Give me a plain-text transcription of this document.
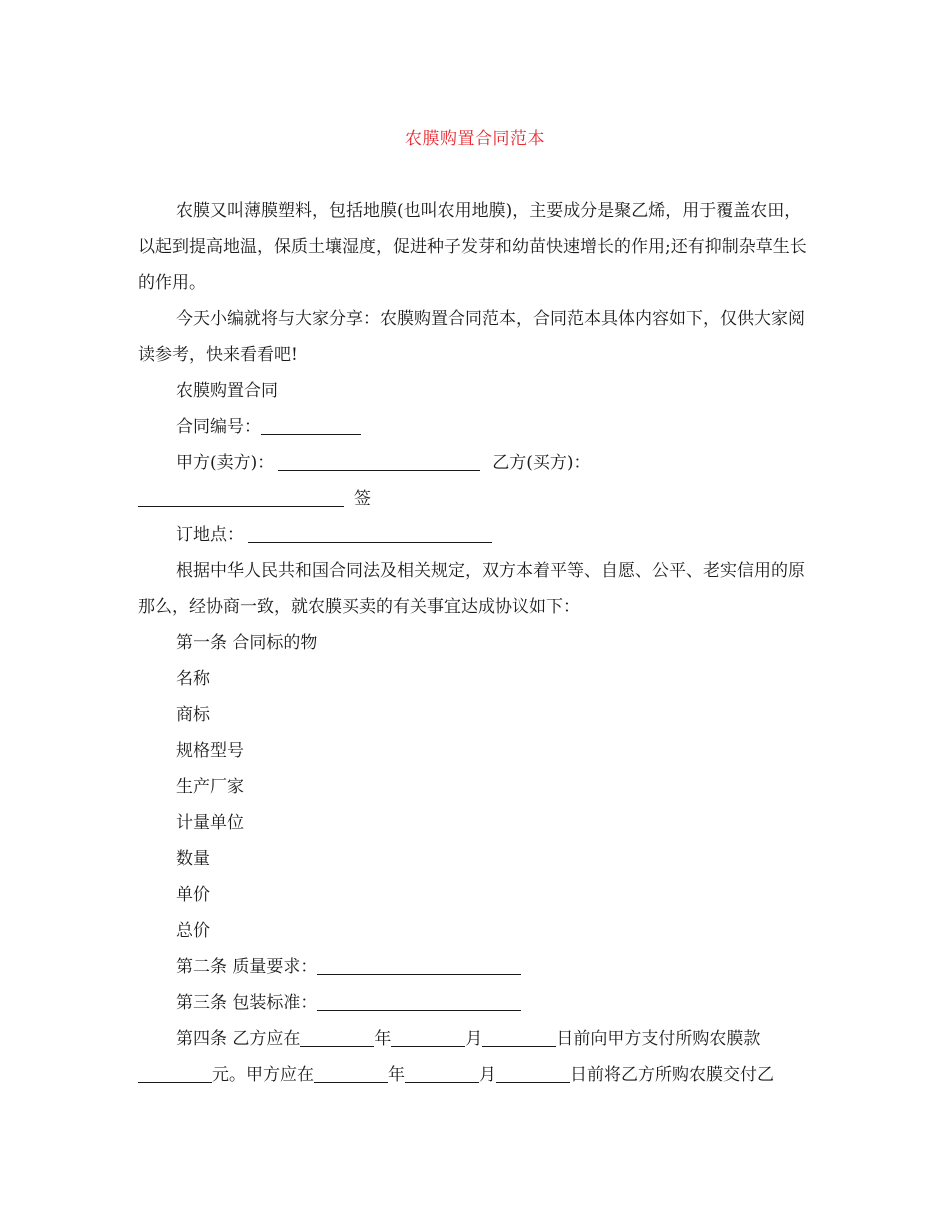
农膜购置合同范本

农膜又叫薄膜塑料，包括地膜(也叫农用地膜)，主要成分是聚乙烯，用于覆盖农田，以起到提高地温，保质土壤湿度，促进种子发芽和幼苗快速增长的作用;还有抑制杂草生长的作用。

今天小编就将与大家分享：农膜购置合同范本，合同范本具体内容如下，仅供大家阅读参考，快来看看吧!

农膜购置合同
合同编号：
甲方(卖方)：	乙方(买方)：
签
订地点：

根据中华人民共和国合同法及相关规定，双方本着平等、自愿、公平、老实信用的原那么，经协商一致，就农膜买卖的有关事宜达成协议如下：

第一条 合同标的物
名称
商标
规格型号
生产厂家
计量单位
数量
单价
总价
第二条 质量要求：
第三条 包装标准：
第四条 乙方应在	年	月	日前向甲方支付所购农膜款
元。甲方应在	年	月	日前将乙方所购农膜交付乙
